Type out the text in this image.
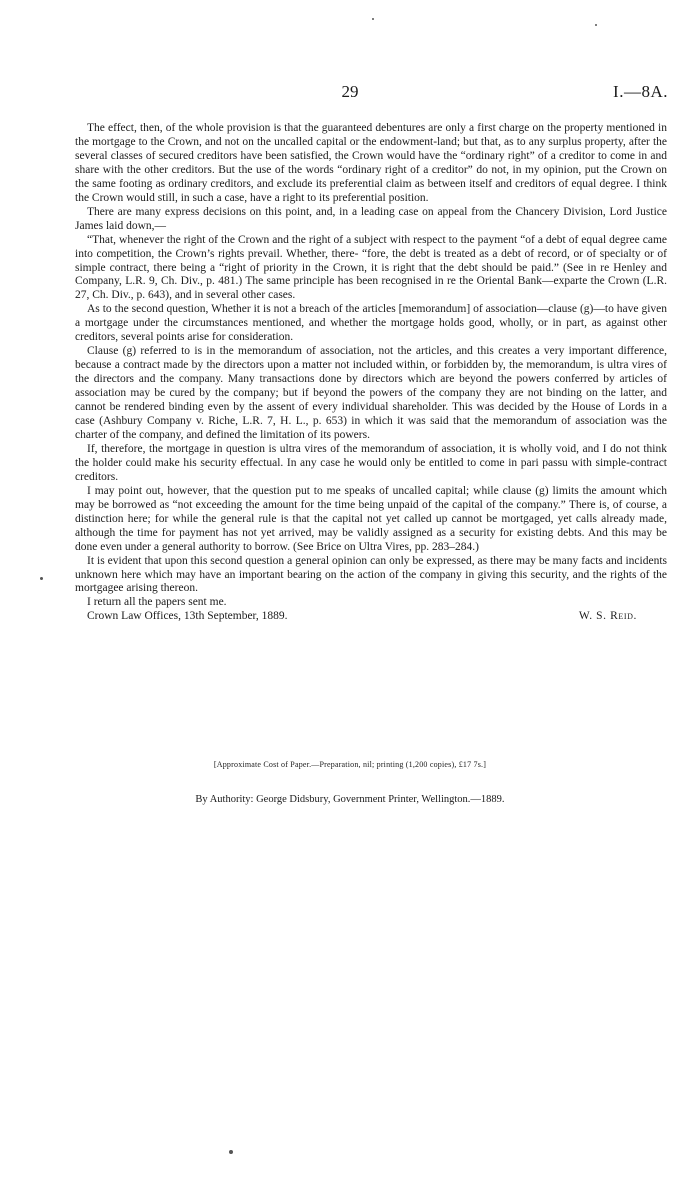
29	I.—8A.

The effect, then, of the whole provision is that the guaranteed debentures are only a first charge on the property mentioned in the mortgage to the Crown, and not on the uncalled capital or the endowment-land; but that, as to any surplus property, after the several classes of secured creditors have been satisfied, the Crown would have the “ordinary right” of a creditor to come in and share with the other creditors. But the use of the words “ordinary right of a creditor” do not, in my opinion, put the Crown on the same footing as ordinary creditors, and exclude its preferential claim as between itself and creditors of equal degree. I think the Crown would still, in such a case, have a right to its preferential position.

There are many express decisions on this point, and, in a leading case on appeal from the Chancery Division, Lord Justice James laid down,—

“That, whenever the right of the Crown and the right of a subject with respect to the payment “of a debt of equal degree came into competition, the Crown’s rights prevail. Whether, there- “fore, the debt is treated as a debt of record, or of specialty or of simple contract, there being a “right of priority in the Crown, it is right that the debt should be paid.” (See in re Henley and Company, L.R. 9, Ch. Div., p. 481.) The same principle has been recognised in re the Oriental Bank—exparte the Crown (L.R. 27, Ch. Div., p. 643), and in several other cases.

As to the second question, Whether it is not a breach of the articles [memorandum] of association—clause (g)—to have given a mortgage under the circumstances mentioned, and whether the mortgage holds good, wholly, or in part, as against other creditors, several points arise for consideration.

Clause (g) referred to is in the memorandum of association, not the articles, and this creates a very important difference, because a contract made by the directors upon a matter not included within, or forbidden by, the memorandum, is ultra vires of the directors and the company. Many transactions done by directors which are beyond the powers conferred by articles of association may be cured by the company; but if beyond the powers of the company they are not binding on the latter, and cannot be rendered binding even by the assent of every individual shareholder. This was decided by the House of Lords in a case (Ashbury Company v. Riche, L.R. 7, H. L., p. 653) in which it was said that the memorandum of association was the charter of the company, and defined the limitation of its powers.

If, therefore, the mortgage in question is ultra vires of the memorandum of association, it is wholly void, and I do not think the holder could make his security effectual. In any case he would only be entitled to come in pari passu with simple-contract creditors.

I may point out, however, that the question put to me speaks of uncalled capital; while clause (g) limits the amount which may be borrowed as “not exceeding the amount for the time being unpaid of the capital of the company.” There is, of course, a distinction here; for while the general rule is that the capital not yet called up cannot be mortgaged, yet calls already made, although the time for payment has not yet arrived, may be validly assigned as a security for existing debts. And this may be done even under a general authority to borrow. (See Brice on Ultra Vires, pp. 283–284.)

It is evident that upon this second question a general opinion can only be expressed, as there may be many facts and incidents unknown here which may have an important bearing on the action of the company in giving this security, and the rights of the mortgagee arising thereon.

I return all the papers sent me.

Crown Law Offices, 13th September, 1889.	W. S. Reid.
[Approximate Cost of Paper.—Preparation, nil; printing (1,200 copies), £17 7s.]
By Authority: George Didsbury, Government Printer, Wellington.—1889.
